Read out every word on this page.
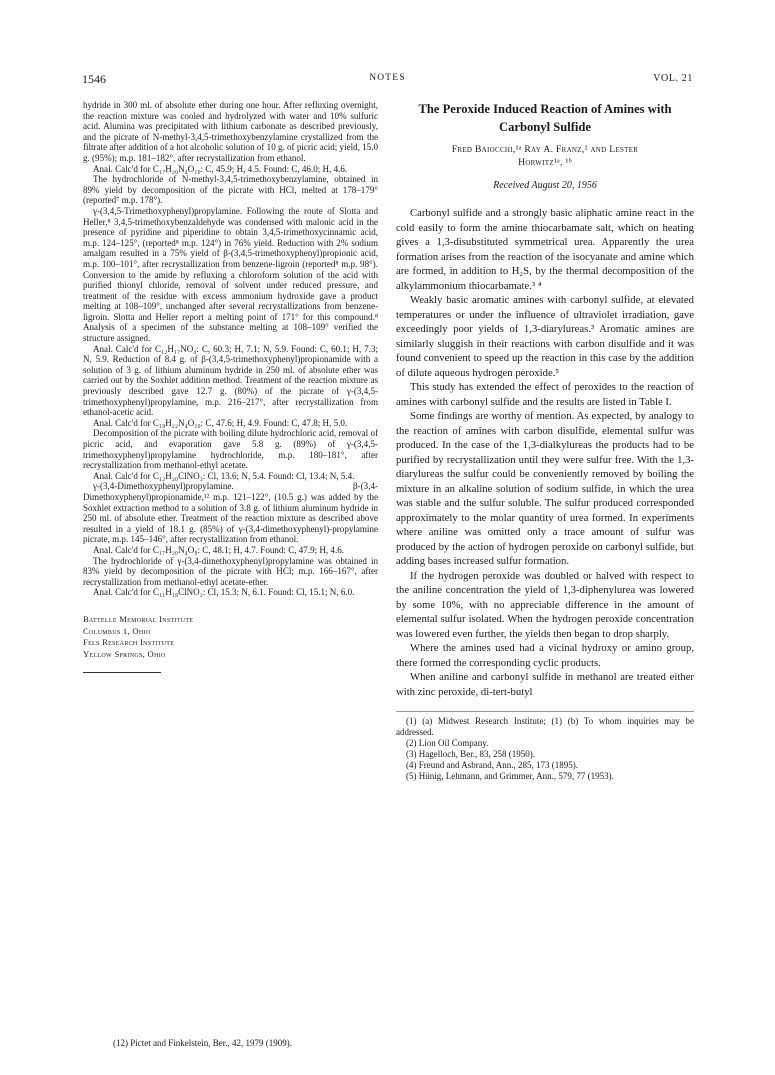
1546	NOTES	VOL. 21

hydride in 300 ml. of absolute ether during one hour. After refluxing overnight, the reaction mixture was cooled and hydrolyzed with water and 10% sulfuric acid. Alumina was precipitated with lithium carbonate as described previously, and the picrate of N-methyl-3,4,5-trimethoxybenzylamine crystallized from the filtrate after addition of a hot alcoholic solution of 10 g. of picric acid; yield, 15.0 g. (95%); m.p. 181–182°, after recrystallization from ethanol.

Anal. Calc'd for C₁₇H₂₀N₄O₁₀: C, 45.9; H, 4.5. Found: C, 46.0; H, 4.6.

The hydrochloride of N-methyl-3,4,5-trimethoxybenzylamine, obtained in 89% yield by decomposition of the picrate with HCl, melted at 178–179° (reported⁷ m.p. 178°).

γ-(3,4,5-Trimethoxyphenyl)propylamine. Following the route of Slotta and Heller,⁸ 3,4,5-trimethoxybenzaldehyde was condensed with malonic acid in the presence of pyridine and piperidine to obtain 3,4,5-trimethoxycinnamic acid, m.p. 124–125°, (reported⁸ m.p. 124°) in 76% yield. Reduction with 2% sodium amalgam resulted in a 75% yield of β-(3,4,5-trimethoxyphenyl)propionic acid, m.p. 100–101°, after recrystallization from benzene-ligroin (reported⁸ m.p. 98°). Conversion to the amide by refluxing a chloroform solution of the acid with purified thionyl chloride, removal of solvent under reduced pressure, and treatment of the residue with excess ammonium hydroxide gave a product melting at 108–109°, unchanged after several recrystallizations from benzene-ligroin. Slotta and Heller report a melting point of 171° for this compound.⁸ Analysis of a specimen of the substance melting at 108–109° verified the structure assigned.

Anal. Calc'd for C₁₂H₁₇NO₄: C, 60.3; H, 7.1; N, 5.9. Found: C, 60.1; H, 7.3; N, 5.9. Reduction of 8.4 g. of β-(3,4,5-trimethoxyphenyl)propionamide with a solution of 3 g. of lithium aluminum hydride in 250 ml. of absolute ether was carried out by the Soxhlet addition method. Treatment of the reaction mixture as previously described gave 12.7 g. (80%) of the picrate of γ-(3,4,5-trimethoxyphenyl)propylamine, m.p. 216–217°, after recrystallization from ethanol-acetic acid.

Anal. Calc'd for C₁₈H₂₂N₄O₁₀: C, 47.6; H, 4.9. Found: C, 47.8; H, 5.0.

Decomposition of the picrate with boiling dilute hydrochloric acid, removal of picric acid, and evaporation gave 5.8 g. (89%) of γ-(3,4,5-trimethoxyphenyl)propylamine hydrochloride, m.p. 180–181°, after recrystallization from methanol-ethyl acetate.

Anal. Calc'd for C₁₂H₂₀ClNO₃: Cl, 13.6; N, 5.4. Found: Cl, 13.4; N, 5.4.

γ-(3,4-Dimethoxyphenyl)propylamine. β-(3,4-Dimethoxyphenyl)propionamide,¹² m.p. 121–122°, (10.5 g.) was added by the Soxhlet extraction method to a solution of 3.8 g. of lithium aluminum hydride in 250 ml. of absolute ether. Treatment of the reaction mixture as described above resulted in a yield of 18.1 g. (85%) of γ-(3,4-dimethoxyphenyl)-propylamine picrate, m.p. 145–146°, after recrystallization from ethanol.

Anal. Calc'd for C₁₇H₂₀N₄O₉: C, 48.1; H, 4.7. Found: C, 47.9; H, 4.6.

The hydrochloride of γ-(3,4-dimethoxyphenyl)propylamine was obtained in 83% yield by decomposition of the picrate with HCl; m.p. 166–167°, after recrystallization from methanol-ethyl acetate-ether.

Anal. Calc'd for C₁₁H₁₈ClNO₂: Cl, 15.3; N, 6.1. Found: Cl, 15.1; N, 6.0.

Battelle Memorial Institute
Columbus 1, Ohio
Fels Research Institute
Yellow Springs, Ohio
(12) Pictet and Finkelstein, Ber., 42, 1979 (1909).
The Peroxide Induced Reaction of Amines with
Carbonyl Sulfide
Fred Baiocchi,¹ᵃ Ray A. Franz,² and Lester
Horwitz¹ᵃ, ¹ᵇ
Received August 20, 1956

Carbonyl sulfide and a strongly basic aliphatic amine react in the cold easily to form the amine thiocarbamate salt, which on heating gives a 1,3-disubstituted symmetrical urea. Apparently the urea formation arises from the reaction of the isocyanate and amine which are formed, in addition to H₂S, by the thermal decomposition of the alkylammonium thiocarbamate.³ ⁴

Weakly basic aromatic amines with carbonyl sulfide, at elevated temperatures or under the influence of ultraviolet irradiation, gave exceedingly poor yields of 1,3-diarylureas.³ Aromatic amines are similarly sluggish in their reactions with carbon disulfide and it was found convenient to speed up the reaction in this case by the addition of dilute aqueous hydrogen peroxide.⁵

This study has extended the effect of peroxides to the reaction of amines with carbonyl sulfide and the results are listed in Table I.

Some findings are worthy of mention. As expected, by analogy to the reaction of amines with carbon disulfide, elemental sulfur was produced. In the case of the 1,3-dialkylureas the products had to be purified by recrystallization until they were sulfur free. With the 1,3-diarylureas the sulfur could be conveniently removed by boiling the mixture in an alkaline solution of sodium sulfide, in which the urea was stable and the sulfur soluble. The sulfur produced corresponded approximately to the molar quantity of urea formed. In experiments where aniline was omitted only a trace amount of sulfur was produced by the action of hydrogen peroxide on carbonyl sulfide, but adding bases increased sulfur formation.

If the hydrogen peroxide was doubled or halved with respect to the aniline concentration the yield of 1,3-diphenylurea was lowered by some 10%, with no appreciable difference in the amount of elemental sulfur isolated. When the hydrogen peroxide concentration was lowered even further, the yields then began to drop sharply.

Where the amines used had a vicinal hydroxy or amino group, there formed the corresponding cyclic products.

When aniline and carbonyl sulfide in methanol are treated either with zinc peroxide, di-tert-butyl

(1) (a) Midwest Research Institute; (1) (b) To whom inquiries may be addressed.
(2) Lion Oil Company.
(3) Hagelloch, Ber., 83, 258 (1950).
(4) Freund and Asbrand, Ann., 285, 173 (1895).
(5) Hünig, Lehmann, and Grimmer, Ann., 579, 77 (1953).
